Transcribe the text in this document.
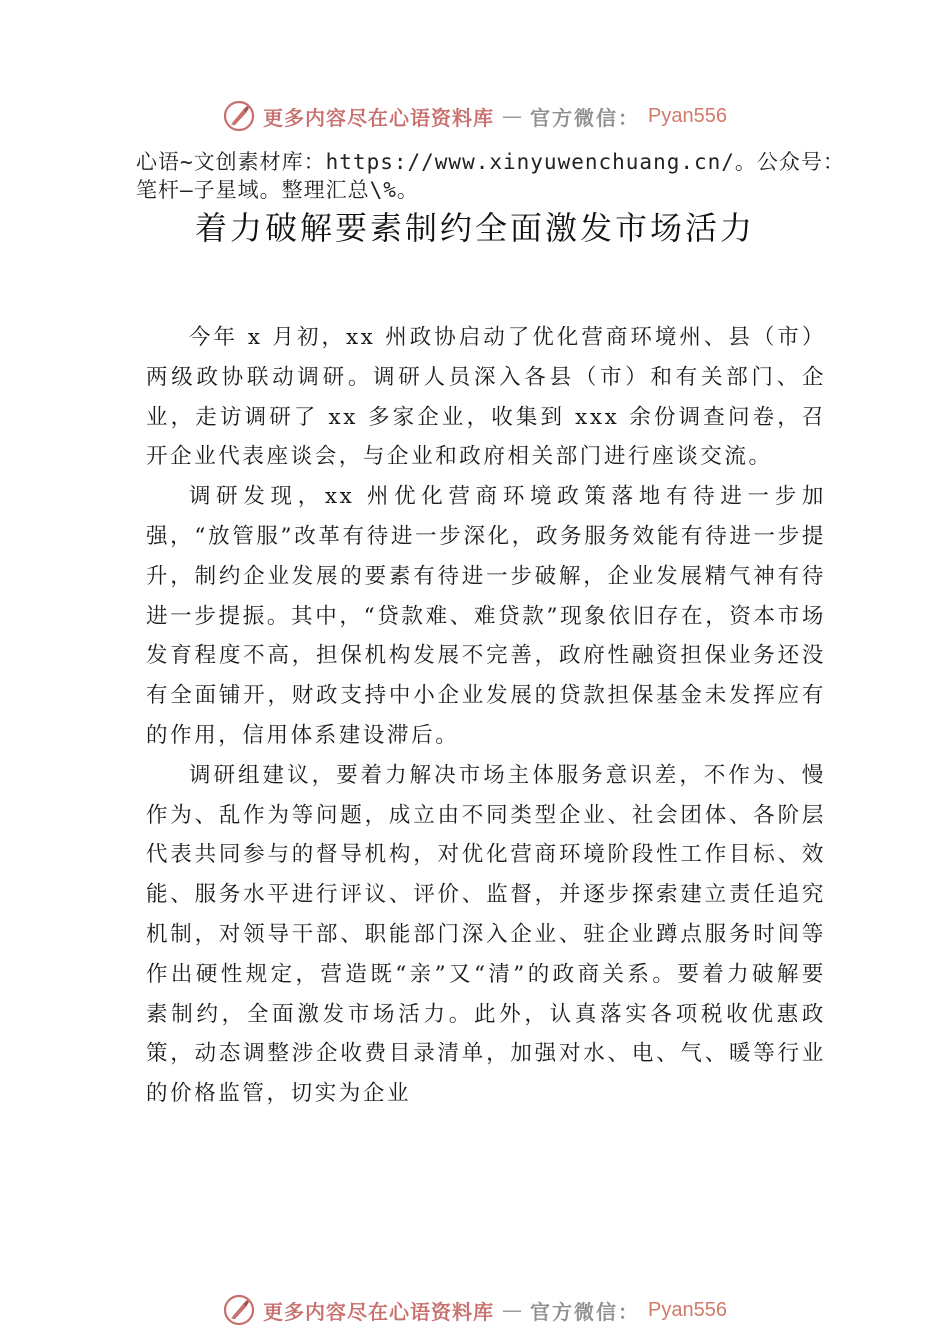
更多内容尽在心语资料库 — 官方微信： Pyan556
心语~文创素材库：https://www.xinyuwenchuang.cn/。公众号：笔杆—子星域。整理汇总\%。
着力破解要素制约全面激发市场活力

今年 x 月初，xx 州政协启动了优化营商环境州、县（市）两级政协联动调研。调研人员深入各县（市）和有关部门、企业，走访调研了 xx 多家企业，收集到 xxx 余份调查问卷，召开企业代表座谈会，与企业和政府相关部门进行座谈交流。

调研发现，xx 州优化营商环境政策落地有待进一步加强，“放管服”改革有待进一步深化，政务服务效能有待进一步提升，制约企业发展的要素有待进一步破解，企业发展精气神有待进一步提振。其中，“贷款难、难贷款”现象依旧存在，资本市场发育程度不高，担保机构发展不完善，政府性融资担保业务还没有全面铺开，财政支持中小企业发展的贷款担保基金未发挥应有的作用，信用体系建设滞后。

调研组建议，要着力解决市场主体服务意识差，不作为、慢作为、乱作为等问题，成立由不同类型企业、社会团体、各阶层代表共同参与的督导机构，对优化营商环境阶段性工作目标、效能、服务水平进行评议、评价、监督，并逐步探索建立责任追究机制，对领导干部、职能部门深入企业、驻企业蹲点服务时间等作出硬性规定，营造既“亲”又“清”的政商关系。要着力破解要素制约，全面激发市场活力。此外，认真落实各项税收优惠政策，动态调整涉企收费目录清单，加强对水、电、气、暖等行业的价格监管，切实为企业

更多内容尽在心语资料库 — 官方微信： Pyan556
